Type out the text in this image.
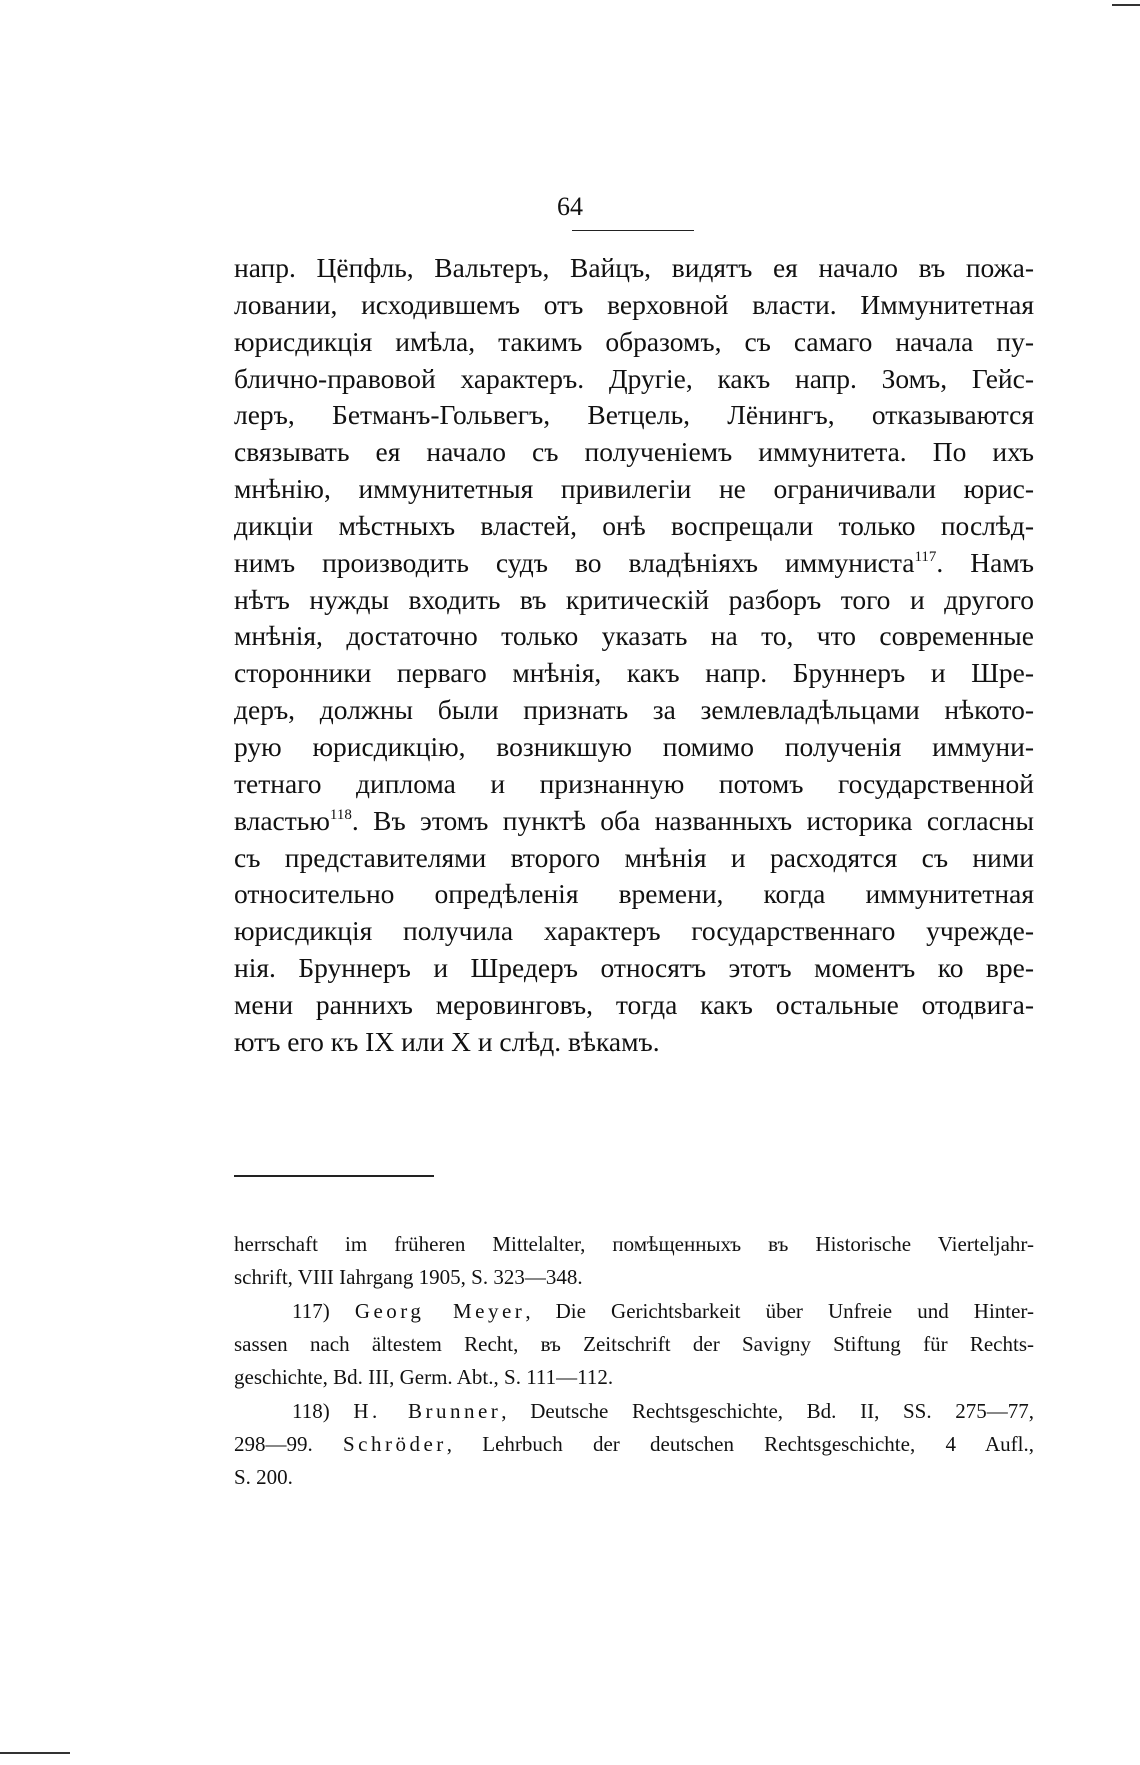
64
напр. Цёпфль, Вальтеръ, Вайцъ, видятъ ея начало въ пожа-
ловании, исходившемъ отъ верховной власти. Иммунитетная
юрисдикція имѣла, такимъ образомъ, съ самаго начала пу-
блично-правовой характеръ. Другіе, какъ напр. Зомъ, Гейс-
леръ, Бетманъ-Гольвегъ, Ветцель, Лёнингъ, отказываются
связывать ея начало съ полученіемъ иммунитета. По ихъ
мнѣнію, иммунитетныя привилегіи не ограничивали юрис-
дикціи мѣстныхъ властей, онѣ воспрещали только послѣд-
нимъ производить судъ во владѣніяхъ иммуниста$^{117}$. Намъ
нѣтъ нужды входить въ критическій разборъ того и другого
мнѣнія, достаточно только указать на то, что современные
сторонники перваго мнѣнія, какъ напр. Бруннеръ и Шре-
деръ, должны были признать за землевладѣльцами нѣкото-
рую юрисдикцію, возникшую помимо полученія иммуни-
тетнаго диплома и признанную потомъ государственной
властью$^{118}$. Въ этомъ пунктѣ оба названныхъ историка согласны
съ представителями второго мнѣнія и расходятся съ ними
относительно опредѣленія времени, когда иммунитетная
юрисдикція получила характеръ государственнаго учрежде-
нія. Бруннеръ и Шредеръ относятъ этотъ моментъ ко вре-
мени раннихъ меровинговъ, тогда какъ остальные отодвига-
ютъ его къ IX или X и слѣд. вѣкамъ.
herrschaft im früheren Mittelalter, помѣщенныхъ въ Historische Vierteljahr-
schrift, VIII Iahrgang 1905, S. 323—348.
117) Georg Meyer, Die Gerichtsbarkeit über Unfreie und Hinter-
sassen nach ältestem Recht, въ Zeitschrift der Savigny Stiftung für Rechts-
geschichte, Bd. III, Germ. Abt., S. 111—112.
118) H. Brunner, Deutsche Rechtsgeschichte, Bd. II, SS. 275—77,
298—99. Schröder, Lehrbuch der deutschen Rechtsgeschichte, 4 Aufl.,
S. 200.
